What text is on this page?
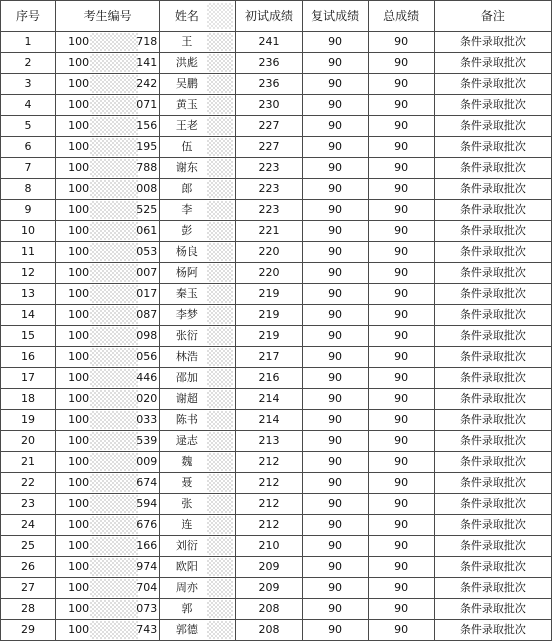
序号	考生编号	姓名	初试成绩	复试成绩	总成绩	备注
1	100 718	王	241	90	90	条件录取批次
2	100 141	洪彪	236	90	90	条件录取批次
3	100 242	吴鹏	236	90	90	条件录取批次
4	100 071	黄玉	230	90	90	条件录取批次
5	100 156	王老	227	90	90	条件录取批次
6	100 195	伍	227	90	90	条件录取批次
7	100 788	谢东	223	90	90	条件录取批次
8	100 008	郎	223	90	90	条件录取批次
9	100 525	李	223	90	90	条件录取批次
10	100 061	彭	221	90	90	条件录取批次
11	100 053	杨良	220	90	90	条件录取批次
12	100 007	杨阿	220	90	90	条件录取批次
13	100 017	秦玉	219	90	90	条件录取批次
14	100 087	李梦	219	90	90	条件录取批次
15	100 098	张衍	219	90	90	条件录取批次
16	100 056	林浩	217	90	90	条件录取批次
17	100 446	邵加	216	90	90	条件录取批次
18	100 020	谢超	214	90	90	条件录取批次
19	100 033	陈书	214	90	90	条件录取批次
20	100 539	逯志	213	90	90	条件录取批次
21	100 009	魏	212	90	90	条件录取批次
22	100 674	聂	212	90	90	条件录取批次
23	100 594	张	212	90	90	条件录取批次
24	100 676	连	212	90	90	条件录取批次
25	100 166	刘衍	210	90	90	条件录取批次
26	100 974	欧阳	209	90	90	条件录取批次
27	100 704	周亦	209	90	90	条件录取批次
28	100 073	郭	208	90	90	条件录取批次
29	100 743	郭德	208	90	90	条件录取批次
